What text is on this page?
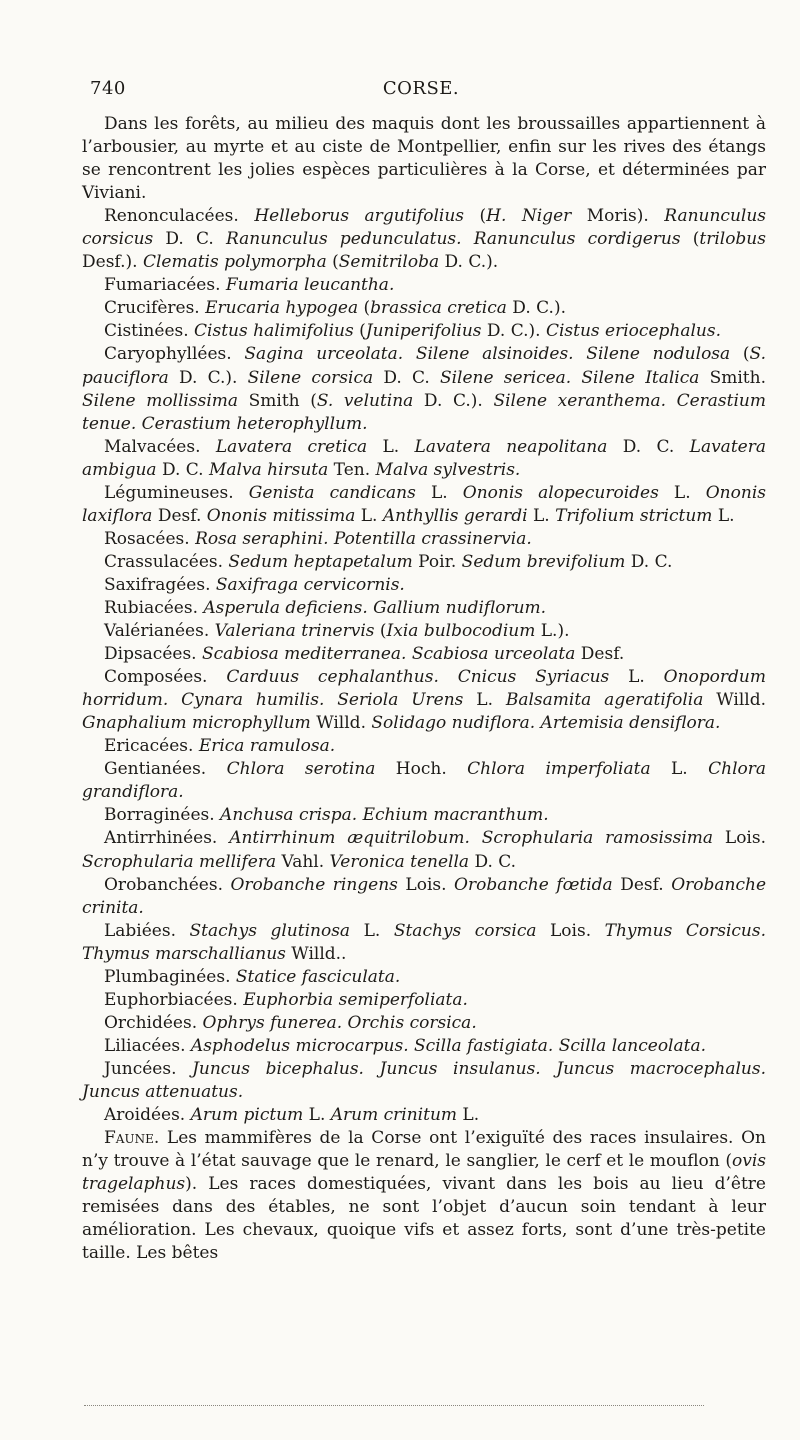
740	CORSE.

Dans les forêts, au milieu des maquis dont les broussailles appartiennent à l’arbousier, au myrte et au ciste de Montpellier, enfin sur les rives des étangs se rencontrent les jolies espèces particulières à la Corse, et déterminées par Viviani.

Renonculacées. Helleborus argutifolius (H. Niger Moris). Ranunculus corsicus D. C. Ranunculus pedunculatus. Ranunculus cordigerus (trilobus Desf.). Clematis polymorpha (Semitriloba D. C.).

Fumariacées. Fumaria leucantha.

Crucifères. Erucaria hypogea (brassica cretica D. C.).

Cistinées. Cistus halimifolius (Juniperifolius D. C.). Cistus eriocephalus.

Caryophyllées. Sagina urceolata. Silene alsinoides. Silene nodulosa (S. pauciflora D. C.). Silene corsica D. C. Silene sericea. Silene Italica Smith. Silene mollissima Smith (S. velutina D. C.). Silene xeranthema. Cerastium tenue. Cerastium heterophyllum.

Malvacées. Lavatera cretica L. Lavatera neapolitana D. C. Lavatera ambigua D. C. Malva hirsuta Ten. Malva sylvestris.

Légumineuses. Genista candicans L. Ononis alopecuroides L. Ononis laxiflora Desf. Ononis mitissima L. Anthyllis gerardi L. Trifolium strictum L.

Rosacées. Rosa seraphini. Potentilla crassinervia.

Crassulacées. Sedum heptapetalum Poir. Sedum brevifolium D. C.

Saxifragées. Saxifraga cervicornis.

Rubiacées. Asperula deficiens. Gallium nudiflorum.

Valérianées. Valeriana trinervis (Ixia bulbocodium L.).

Dipsacées. Scabiosa mediterranea. Scabiosa urceolata Desf.

Composées. Carduus cephalanthus. Cnicus Syriacus L. Onopordum horridum. Cynara humilis. Seriola Urens L. Balsamita ageratifolia Willd. Gnaphalium microphyllum Willd. Solidago nudiflora. Artemisia densiflora.

Ericacées. Erica ramulosa.

Gentianées. Chlora serotina Hoch. Chlora imperfoliata L. Chlora grandiflora.

Borraginées. Anchusa crispa. Echium macranthum.

Antirrhinées. Antirrhinum æquitrilobum. Scrophularia ramosissima Lois. Scrophularia mellifera Vahl. Veronica tenella D. C.

Orobanchées. Orobanche ringens Lois. Orobanche fœtida Desf. Orobanche crinita.

Labiées. Stachys glutinosa L. Stachys corsica Lois. Thymus Corsicus. Thymus marschallianus Willd..

Plumbaginées. Statice fasciculata.

Euphorbiacées. Euphorbia semiperfoliata.

Orchidées. Ophrys funerea. Orchis corsica.

Liliacées. Asphodelus microcarpus. Scilla fastigiata. Scilla lanceolata.

Juncées. Juncus bicephalus. Juncus insulanus. Juncus macrocephalus. Juncus attenuatus.

Aroidées. Arum pictum L. Arum crinitum L.

Faune. Les mammifères de la Corse ont l’exiguïté des races insulaires. On n’y trouve à l’état sauvage que le renard, le sanglier, le cerf et le mouflon (ovis tragelaphus). Les races domestiquées, vivant dans les bois au lieu d’être remisées dans des étables, ne sont l’objet d’aucun soin tendant à leur amélioration. Les chevaux, quoique vifs et assez forts, sont d’une très-petite taille. Les bêtes
